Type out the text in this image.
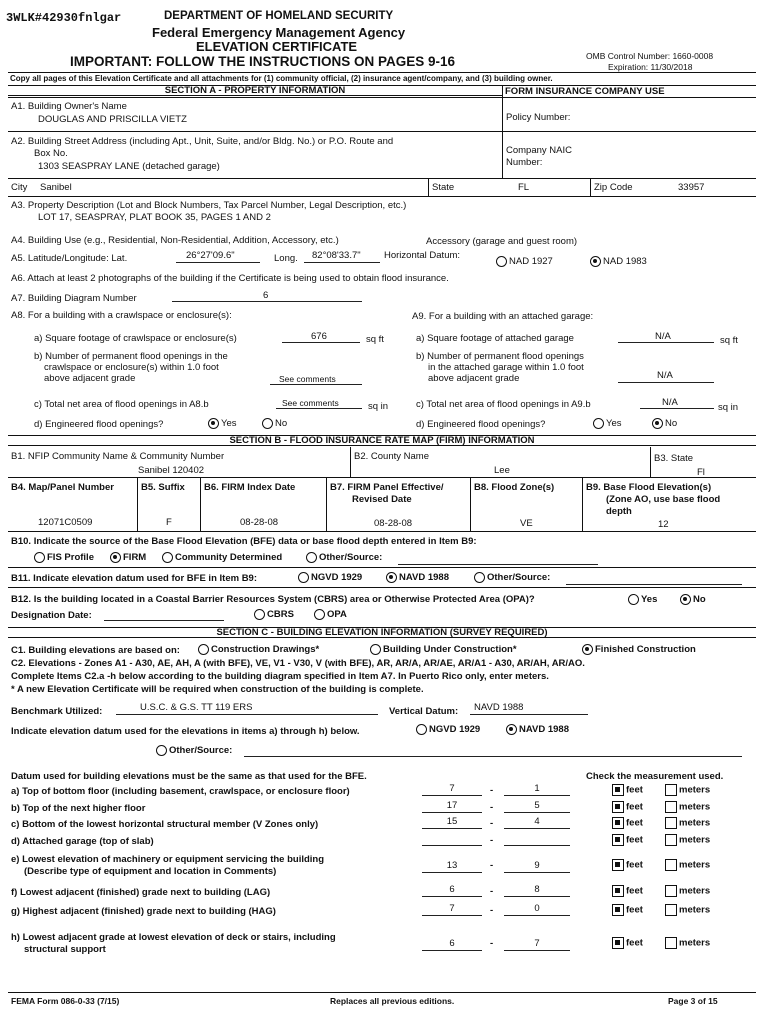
3WLK#42930fnlgar	DEPARTMENT OF HOMELAND SECURITY
Federal Emergency Management Agency
ELEVATION CERTIFICATE
IMPORTANT: FOLLOW THE INSTRUCTIONS ON PAGES 9-16	OMB Control Number: 1660-0008
Expiration: 11/30/2018
Copy all pages of this Elevation Certificate and all attachments for (1) community official, (2) insurance agent/company, and (3) building owner.
SECTION A - PROPERTY INFORMATION	FORM INSURANCE COMPANY USE
A1. Building Owner's Name
DOUGLAS AND PRISCILLA VIETZ	Policy Number:
A2. Building Street Address (including Apt., Unit, Suite, and/or Bldg. No.) or P.O. Route and
Box No.
1303 SEASPRAY LANE (detached garage)
Company NAIC
Number:
City Sanibel	State	FL	Zip Code	33957
A3. Property Description (Lot and Block Numbers, Tax Parcel Number, Legal Description, etc.)
LOT 17, SEASPRAY, PLAT BOOK 35, PAGES 1 AND 2
A4. Building Use (e.g., Residential, Non-Residential, Addition, Accessory, etc.)	Accessory (garage and guest room)
A5. Latitude/Longitude: Lat.	26°27'09.6"	Long. 82°08'33.7" Horizontal Datum:
NAD 1927	NAD 1983
A6. Attach at least 2 photographs of the building if the Certificate is being used to obtain flood insurance.
A7. Building Diagram Number	6
A8. For a building with a crawlspace or enclosure(s):	A9. For a building with an attached garage:
a) Square footage of crawlspace or enclosure(s)	676	sq ft	a) Square footage of attached garage	N/A	sq ft
b) Number of permanent flood openings in the
crawlspace or enclosure(s) within 1.0 foot
above adjacent grade	See comments
b) Number of permanent flood openings
in the attached garage within 1.0 foot
above adjacent grade	N/A
c) Total net area of flood openings in A8.b	See comments	sq in	c) Total net area of flood openings in A9.b	N/A	sq in
d) Engineered flood openings?	Yes	No	d) Engineered flood openings?	Yes	No
SECTION B - FLOOD INSURANCE RATE MAP (FIRM) INFORMATION
B1. NFIP Community Name & Community Number
Sanibel 120402
B2. County Name
Lee
B3. State
Fl
B4. Map/Panel Number	B5. Suffix B6. FIRM Index Date	B7. FIRM Panel Effective/
Revised Date
B8. Flood Zone(s)	B9. Base Flood Elevation(s)
(Zone AO, use base flood
depth
12071C0509	F	08-28-08	08-28-08	VE	12
B10. Indicate the source of the Base Flood Elevation (BFE) data or base flood depth entered in Item B9:
FIS Profile	FIRM	Community Determined	Other/Source:
B11. Indicate elevation datum used for BFE in Item B9:	NGVD 1929	NAVD 1988	Other/Source:
B12. Is the building located in a Coastal Barrier Resources System (CBRS) area or Otherwise Protected Area (OPA)?	Yes	No
Designation Date:	CBRS	OPA
SECTION C - BUILDING ELEVATION INFORMATION (SURVEY REQUIRED)
C1. Building elevations are based on:	Construction Drawings*	Building Under Construction*	Finished Construction
C2. Elevations - Zones A1 - A30, AE, AH, A (with BFE), VE, V1 - V30, V (with BFE), AR, AR/A, AR/AE, AR/A1 - A30, AR/AH, AR/AO.
Complete Items C2.a -h below according to the building diagram specified in Item A7. In Puerto Rico only, enter meters.
* A new Elevation Certificate will be required when construction of the building is complete.
Benchmark Utilized:	U.S.C. & G.S. TT 119 ERS	Vertical Datum: NAVD 1988
Indicate elevation datum used for the elevations in items a) through h) below.	NGVD 1929	NAVD 1988
Other/Source:
Datum used for building elevations must be the same as that used for the BFE.	Check the measurement used.
a) Top of bottom floor (including basement, crawlspace, or enclosure floor)	7	-	1	feet	meters
b) Top of the next higher floor	17	-	5	feet	meters
c) Bottom of the lowest horizontal structural member (V Zones only)	15	-	4	feet	meters
d) Attached garage (top of slab)	-	feet	meters
e) Lowest elevation of machinery or equipment servicing the building
(Describe type of equipment and location in Comments)
13	-	9	feet	meters
f) Lowest adjacent (finished) grade next to building (LAG)	6	-	8	feet	meters
g) Highest adjacent (finished) grade next to building (HAG)	7	-	0	feet	meters
h) Lowest adjacent grade at lowest elevation of deck or stairs, including
structural support
6	-	7	feet	meters
FEMA Form 086-0-33 (7/15)	Replaces all previous editions.	Page 3 of 15
